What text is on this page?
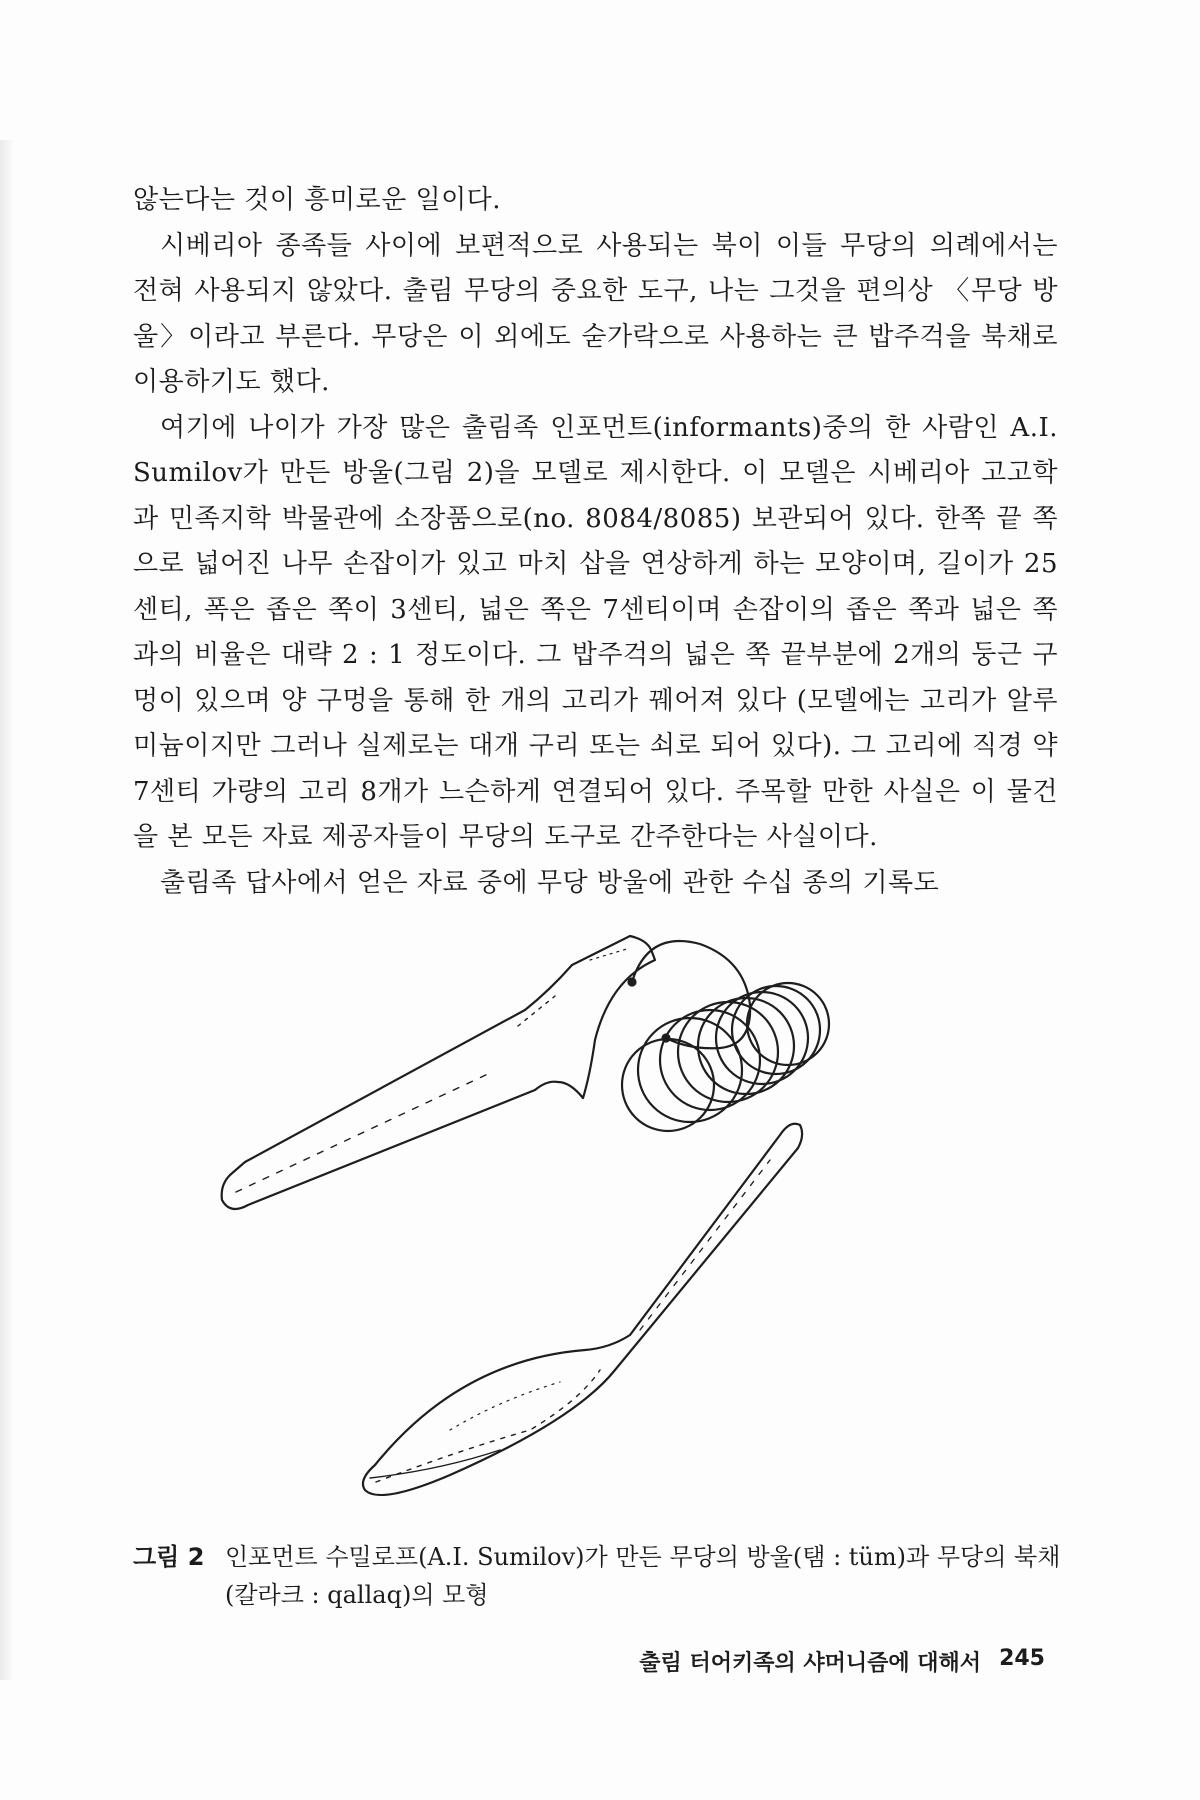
않는다는 것이 흥미로운 일이다.

시베리아 종족들 사이에 보편적으로 사용되는 북이 이들 무당의 의례에서는 전혀 사용되지 않았다. 출림 무당의 중요한 도구, 나는 그것을 편의상 〈무당 방울〉이라고 부른다. 무당은 이 외에도 숟가락으로 사용하는 큰 밥주걱을 북채로 이용하기도 했다.

여기에 나이가 가장 많은 출림족 인포먼트(informants)중의 한 사람인 A.I. Sumilov가 만든 방울(그림 2)을 모델로 제시한다. 이 모델은 시베리아 고고학과 민족지학 박물관에 소장품으로(no. 8084/8085) 보관되어 있다. 한쪽 끝 쪽으로 넓어진 나무 손잡이가 있고 마치 삽을 연상하게 하는 모양이며, 길이가 25센티, 폭은 좁은 쪽이 3센티, 넓은 쪽은 7센티이며 손잡이의 좁은 쪽과 넓은 쪽과의 비율은 대략 2 : 1 정도이다. 그 밥주걱의 넓은 쪽 끝부분에 2개의 둥근 구멍이 있으며 양 구멍을 통해 한 개의 고리가 꿰어져 있다 (모델에는 고리가 알루미늄이지만 그러나 실제로는 대개 구리 또는 쇠로 되어 있다). 그 고리에 직경 약 7센티 가량의 고리 8개가 느슨하게 연결되어 있다. 주목할 만한 사실은 이 물건을 본 모든 자료 제공자들이 무당의 도구로 간주한다는 사실이다.

출림족 답사에서 얻은 자료 중에 무당 방울에 관한 수십 종의 기록도

그림 2 인포먼트 수밀로프(A.I. Sumilov)가 만든 무당의 방울(탬 : tüm)과 무당의 북채(칼라크 : qallaq)의 모형
출림 터어키족의 샤머니즘에 대해서 245
